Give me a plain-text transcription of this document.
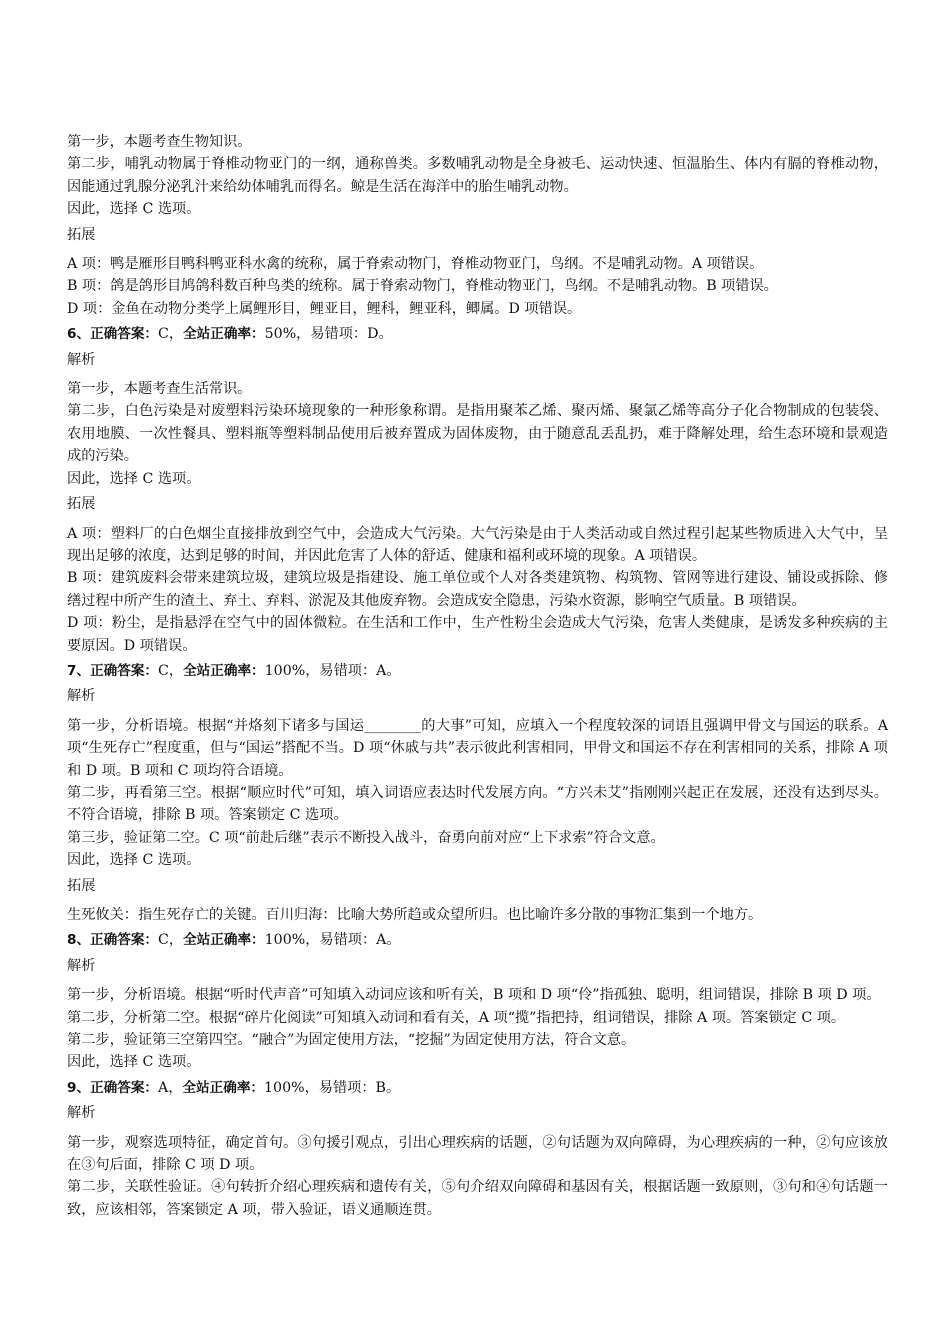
第一步，本题考查生物知识。

第二步，哺乳动物属于脊椎动物亚门的一纲，通称兽类。多数哺乳动物是全身被毛、运动快速、恒温胎生、体内有膈的脊椎动物，因能通过乳腺分泌乳汁来给幼体哺乳而得名。鲸是生活在海洋中的胎生哺乳动物。

因此，选择 C 选项。

拓展

A 项：鸭是雁形目鸭科鸭亚科水禽的统称，属于脊索动物门，脊椎动物亚门，鸟纲。不是哺乳动物。A 项错误。

B 项：鸽是鸽形目鸠鸽科数百种鸟类的统称。属于脊索动物门，脊椎动物亚门，鸟纲。不是哺乳动物。B 项错误。

D 项：金鱼在动物分类学上属鲤形目，鲤亚目，鲤科，鲤亚科，鲫属。D 项错误。

6、正确答案：C，全站正确率：50%，易错项：D。

解析

第一步，本题考查生活常识。

第二步，白色污染是对废塑料污染环境现象的一种形象称谓。是指用聚苯乙烯、聚丙烯、聚氯乙烯等高分子化合物制成的包装袋、农用地膜、一次性餐具、塑料瓶等塑料制品使用后被弃置成为固体废物，由于随意乱丢乱扔，难于降解处理，给生态环境和景观造成的污染。

因此，选择 C 选项。

拓展

A 项：塑料厂的白色烟尘直接排放到空气中，会造成大气污染。大气污染是由于人类活动或自然过程引起某些物质进入大气中，呈现出足够的浓度，达到足够的时间，并因此危害了人体的舒适、健康和福利或环境的现象。A 项错误。

B 项：建筑废料会带来建筑垃圾，建筑垃圾是指建设、施工单位或个人对各类建筑物、构筑物、管网等进行建设、铺设或拆除、修缮过程中所产生的渣土、弃土、弃料、淤泥及其他废弃物。会造成安全隐患，污染水资源，影响空气质量。B 项错误。

D 项：粉尘，是指悬浮在空气中的固体微粒。在生活和工作中，生产性粉尘会造成大气污染，危害人类健康，是诱发多种疾病的主要原因。D 项错误。

7、正确答案：C，全站正确率：100%，易错项：A。

解析

第一步，分析语境。根据“并烙刻下诸多与国运________的大事”可知，应填入一个程度较深的词语且强调甲骨文与国运的联系。A 项“生死存亡”程度重，但与“国运”搭配不当。D 项“休戚与共”表示彼此利害相同，甲骨文和国运不存在利害相同的关系，排除 A 项和 D 项。B 项和 C 项均符合语境。

第二步，再看第三空。根据“顺应时代”可知，填入词语应表达时代发展方向。“方兴未艾”指刚刚兴起正在发展，还没有达到尽头。不符合语境，排除 B 项。答案锁定 C 选项。

第三步，验证第二空。C 项“前赴后继”表示不断投入战斗，奋勇向前对应“上下求索”符合文意。

因此，选择 C 选项。

拓展

生死攸关：指生死存亡的关键。百川归海：比喻大势所趋或众望所归。也比喻许多分散的事物汇集到一个地方。

8、正确答案：C，全站正确率：100%，易错项：A。

解析

第一步，分析语境。根据“听时代声音”可知填入动词应该和听有关，B 项和 D 项“伶”指孤独、聪明，组词错误，排除 B 项 D 项。

第二步，分析第二空。根据“碎片化阅读”可知填入动词和看有关，A 项“揽”指把持，组词错误，排除 A 项。答案锁定 C 项。

第二步，验证第三空第四空。“融合”为固定使用方法，“挖掘”为固定使用方法，符合文意。

因此，选择 C 选项。

9、正确答案：A，全站正确率：100%，易错项：B。

解析

第一步，观察选项特征，确定首句。③句援引观点，引出心理疾病的话题，②句话题为双向障碍，为心理疾病的一种，②句应该放在③句后面，排除 C 项 D 项。

第二步，关联性验证。④句转折介绍心理疾病和遗传有关，⑤句介绍双向障碍和基因有关，根据话题一致原则，③句和④句话题一致，应该相邻，答案锁定 A 项，带入验证，语义通顺连贯。
